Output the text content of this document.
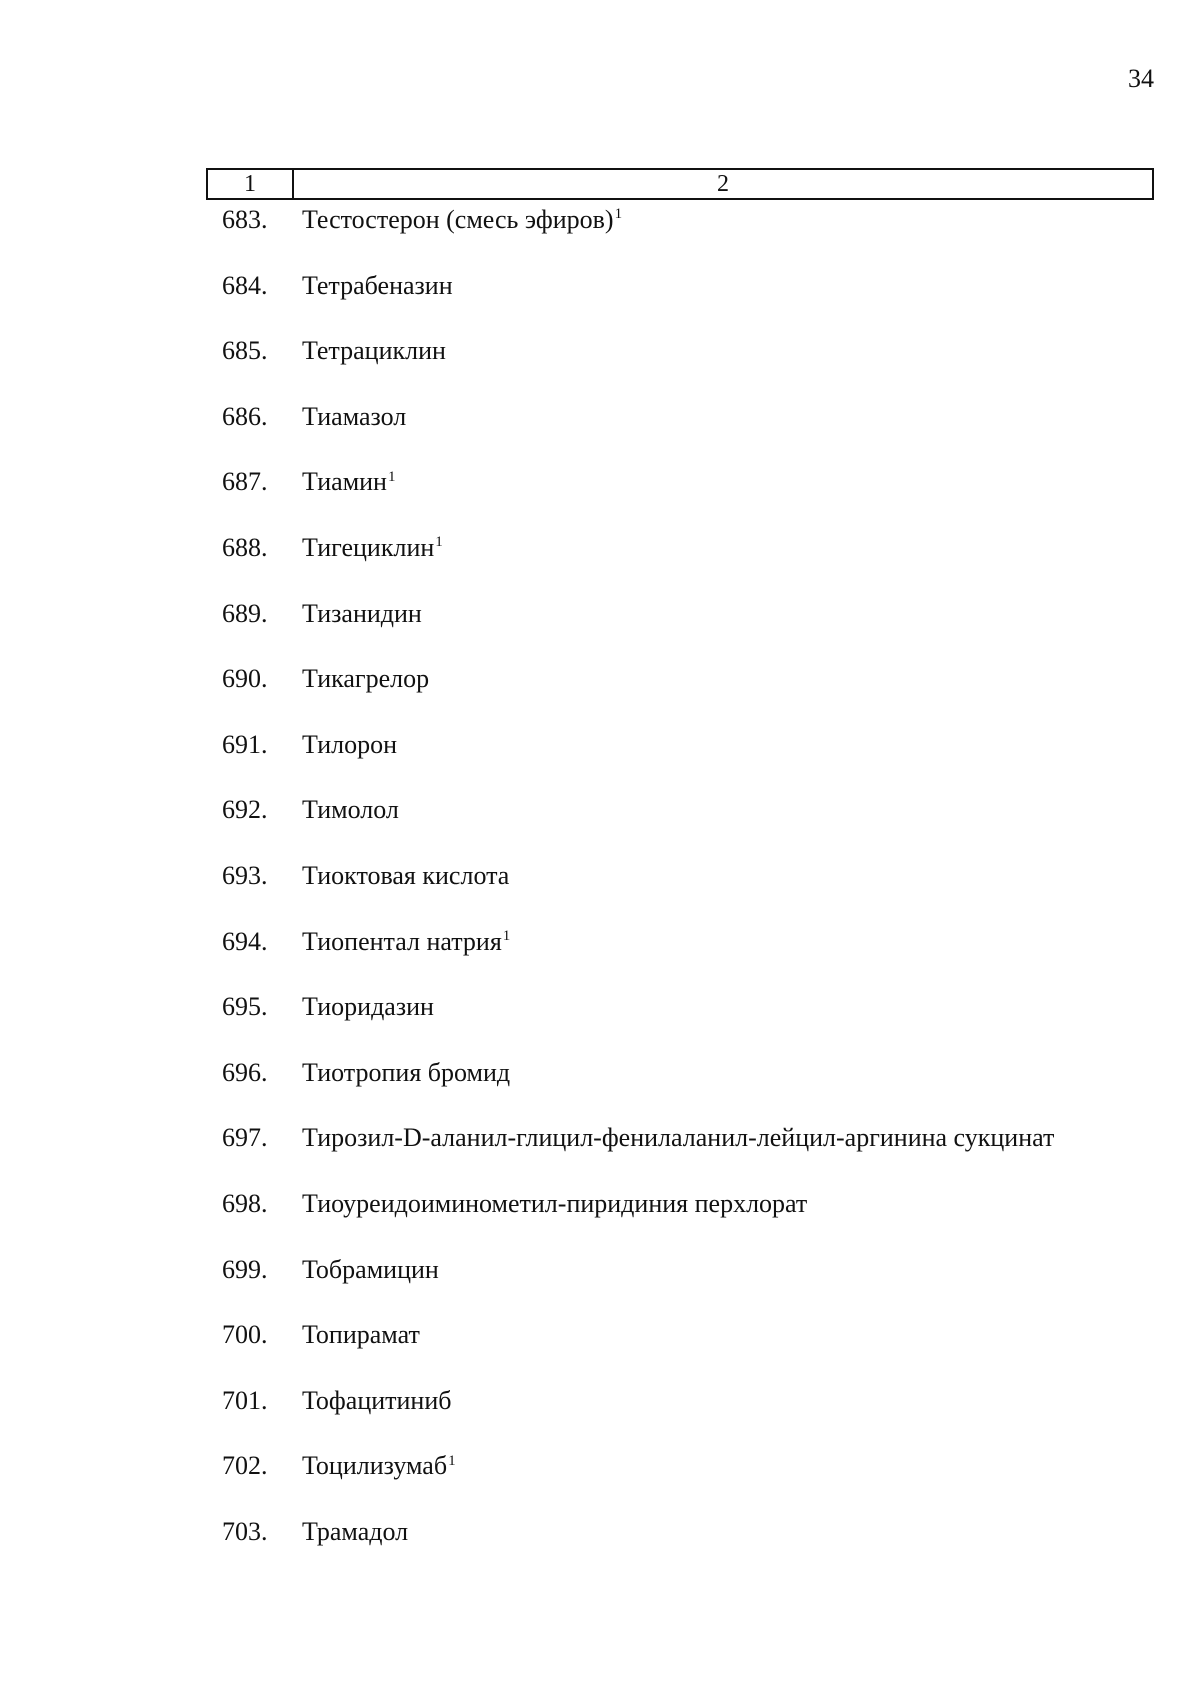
34
1	2
683. Тестостерон (смесь эфиров)$^1$
684. Тетрабеназин
685. Тетрациклин
686. Тиамазол
687. Тиамин$^1$
688. Тигециклин$^1$
689. Тизанидин
690. Тикагрелор
691. Тилорон
692. Тимолол
693. Тиоктовая кислота
694. Тиопентал натрия$^1$
695. Тиоридазин
696. Тиотропия бромид
697. Тирозил-D-аланил-глицил-фенилаланил-лейцил-аргинина сукцинат
698. Тиоуреидоиминометил-пиридиния перхлорат
699. Тобрамицин
700. Топирамат
701. Тофацитиниб
702. Тоцилизумаб$^1$
703. Трамадол
